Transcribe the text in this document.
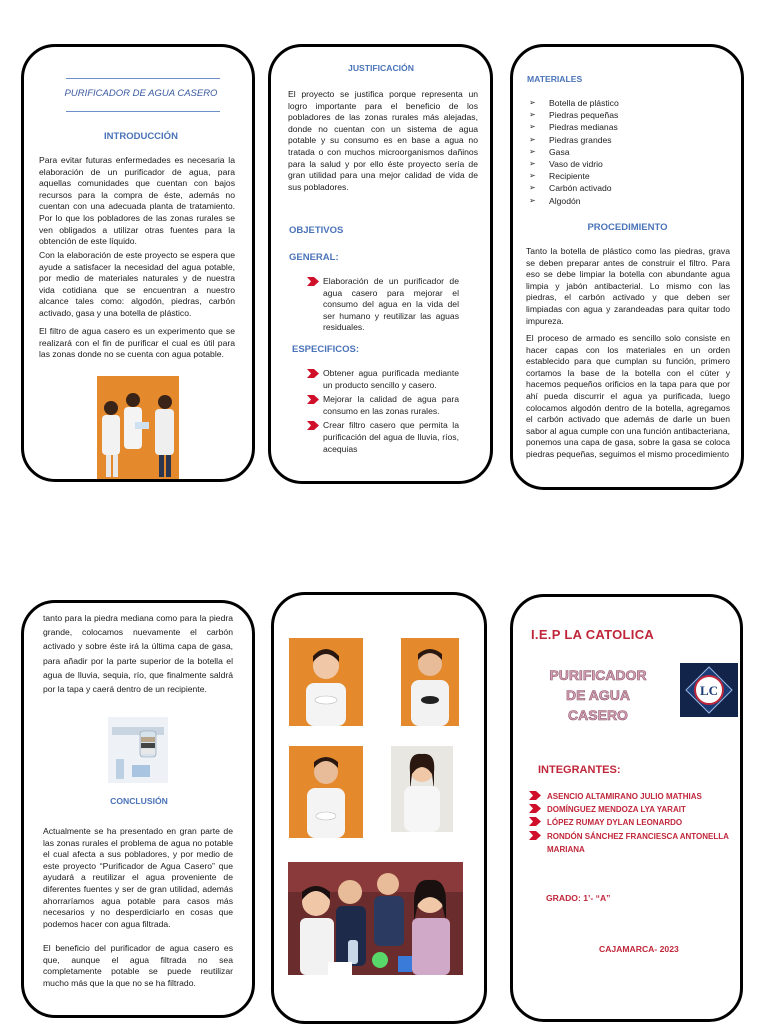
PURIFICADOR DE AGUA CASERO
INTRODUCCIÓN

Para evitar futuras enfermedades es necesaria la elaboración de un purificador de agua, para aquellas comunidades que cuentan con bajos recursos para la compra de éste, además no cuentan con una adecuada planta de tratamiento. Por lo que los pobladores de las zonas rurales se ven obligados a utilizar otras fuentes para la obtención de este líquido.

Con la elaboración de este proyecto se espera que ayude a satisfacer la necesidad del agua potable, por medio de materiales naturales y de nuestra vida cotidiana que se encuentran a nuestro alcance tales como: algodón, piedras, carbón activado, gasa y una botella de plástico.

El filtro de agua casero es un experimento que se realizará con el fin de purificar el cual es útil para las zonas donde no se cuenta con agua potable.

JUSTIFICACIÓN

El proyecto se justifica porque representa un logro importante para el beneficio de los pobladores de las zonas rurales más alejadas, donde no cuentan con un sistema de agua potable y su consumo es en base a agua no tratada o con muchos microorganismos dañinos para la salud y por ello éste proyecto sería de gran utilidad para una mejor calidad de vida de sus pobladores.

OBJETIVOS
GENERAL:
Elaboración de un purificador de agua casero para mejorar el consumo del agua en la vida del ser humano y reutilizar las aguas residuales.
ESPECIFICOS:
Obtener agua purificada mediante un producto sencillo y casero.
Mejorar la calidad de agua para consumo en las zonas rurales.
Crear filtro casero que permita la purificación del agua de lluvia, ríos, acequias
MATERIALES
➢ Botella de plástico
➢ Piedras pequeñas
➢ Piedras medianas
➢ Piedras grandes
➢ Gasa
➢ Vaso de vidrio
➢ Recipiente
➢ Carbón activado
➢ Algodón
PROCEDIMIENTO

Tanto la botella de plástico como las piedras, grava se deben preparar antes de construir el filtro. Para eso se debe limpiar la botella con abundante agua limpia y jabón antibacterial. Lo mismo con las piedras, el carbón activado y que deben ser limpiadas con agua y zarandeadas para quitar todo impureza.

El proceso de armado es sencillo solo consiste en hacer capas con los materiales en un orden establecido para que cumplan su función, primero cortamos la base de la botella con el cúter y hacemos pequeños orificios en la tapa para que por ahí pueda discurrir el agua ya purificada, luego colocamos algodón dentro de la botella, agregamos el carbón activado que además de darle un buen sabor al agua cumple con una función antibacteriana, ponemos una capa de gasa, sobre la gasa se coloca piedras pequeñas, seguimos el mismo procedimiento

tanto para la piedra mediana como para la piedra grande, colocamos nuevamente el carbón activado y sobre éste irá la última capa de gasa, para añadir por la parte superior de la botella el agua de lluvia, sequia, río, que finalmente saldrá por la tapa y caerá dentro de un recipiente.

CONCLUSIÓN

Actualmente se ha presentado en gran parte de las zonas rurales el problema de agua no potable el cual afecta a sus pobladores, y por medio de este proyecto “Purificador de Agua Casero” que ayudará a reutilizar el agua proveniente de diferentes fuentes y ser de gran utilidad, además ahorraríamos agua potable para casos más necesarios y no desperdiciarlo en cosas que podemos hacer con agua filtrada.

El beneficio del purificador de agua casero es que, aunque el agua filtrada no sea completamente potable se puede reutilizar mucho más que la que no se ha filtrado.

I.E.P LA CATOLICA
PURIFICADOR
DE AGUA
CASERO
LC
INTEGRANTES:
ASENCIO ALTAMIRANO JULIO MATHIAS
DOMÍNGUEZ MENDOZA LYA YARAIT
LÓPEZ RUMAY DYLAN LEONARDO
RONDÓN SÁNCHEZ FRANCIESCA ANTONELLA MARIANA
GRADO: 1’- “A”
CAJAMARCA- 2023
